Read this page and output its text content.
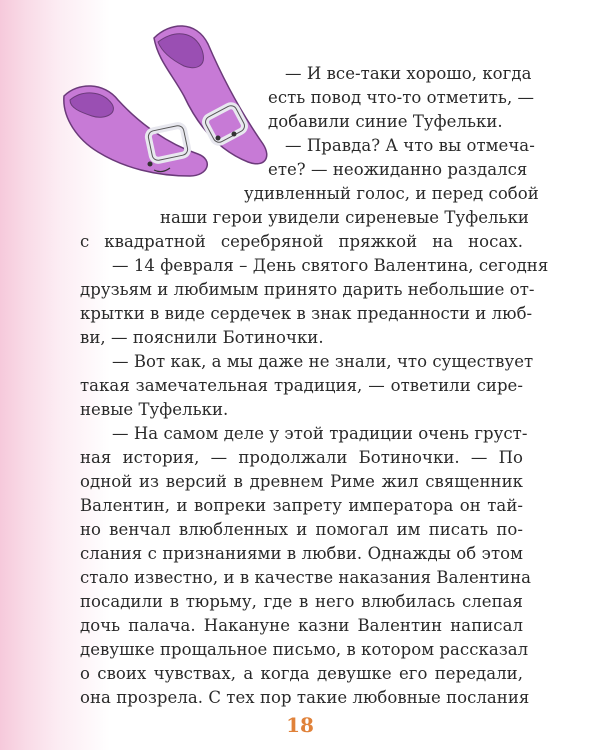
— И все-таки хорошо, когда
есть повод что-то отметить, —
добавили синие Туфельки.
— Правда? А что вы отмеча-
ете? — неожиданно раздался
удивленный голос, и перед собой
наши герои увидели сиреневые Туфельки
с квадратной серебряной пряжкой на носах.
— 14 февраля – День святого Валентина, сегодня
друзьям и любимым принято дарить небольшие от-
крытки в виде сердечек в знак преданности и люб-
ви, — пояснили Ботиночки.
— Вот как, а мы даже не знали, что существует
такая замечательная традиция, — ответили сире-
невые Туфельки.
— На самом деле у этой традиции очень груст-
ная история, — продолжали Ботиночки. — По
одной из версий в древнем Риме жил священник
Валентин, и вопреки запрету императора он тай-
но венчал влюбленных и помогал им писать по-
слания с признаниями в любви. Однажды об этом
стало известно, и в качестве наказания Валентина
посадили в тюрьму, где в него влюбилась слепая
дочь палача. Накануне казни Валентин написал
девушке прощальное письмо, в котором рассказал
о своих чувствах, а когда девушке его передали,
она прозрела. С тех пор такие любовные послания
18
